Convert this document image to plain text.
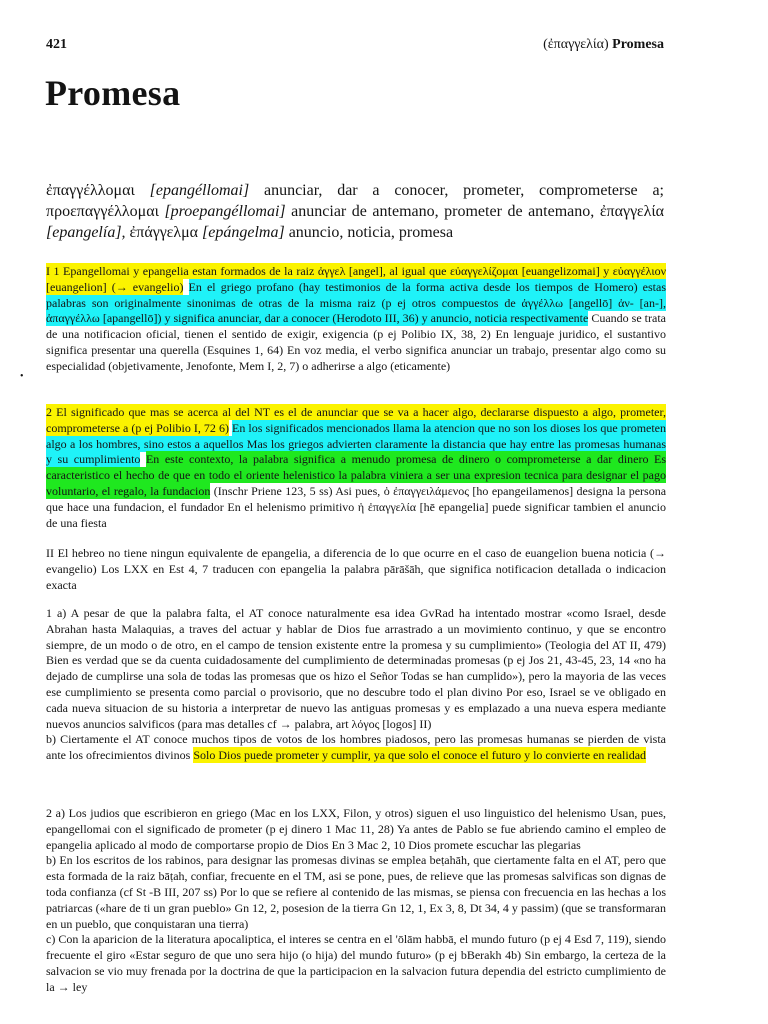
421	(ἐπαγγελία) Promesa
Promesa
ἐπαγγέλλομαι [epangéllomai] anunciar, dar a conocer, prometer, comprometerse a; προεπαγγέλλομαι [proepangéllomai] anunciar de antemano, prometer de antemano, ἐπαγγελία [epangelía], ἐπάγγελμα [epángelma] anuncio, noticia, promesa
I 1 Epangellomai y epangelia estan formados de la raiz ἀγγελ [angel], al igual que εὐαγγελίζομαι [euangelizomai] y εὐαγγέλιον [euangelion] (→ evangelio) En el griego profano (hay testimonios de la forma activa desde los tiempos de Homero) estas palabras son originalmente sinonimas de otras de la misma raiz (p ej otros compuestos de ἀγγέλλω [angellō] ἀν- [an-], ἀπαγγέλλω [apangellō]) y significa anunciar, dar a conocer (Herodoto III, 36) y anuncio, noticia respectivamente Cuando se trata de una notificacion oficial, tienen el sentido de exigir, exigencia (p ej Polibio IX, 38, 2) En lenguaje juridico, el sustantivo significa presentar una querella (Esquines 1, 64) En voz media, el verbo significa anunciar un trabajo, presentar algo como su especialidad (objetivamente, Jenofonte, Mem I, 2, 7) o adherirse a algo (eticamente)
•
2 El significado que mas se acerca al del NT es el de anunciar que se va a hacer algo, declararse dispuesto a algo, prometer, comprometerse a (p ej Polibio I, 72 6) En los significados mencionados llama la atencion que no son los dioses los que prometen algo a los hombres, sino estos a aquellos Mas los griegos advierten claramente la distancia que hay entre las promesas humanas y su cumplimiento En este contexto, la palabra significa a menudo promesa de dinero o comprometerse a dar dinero Es caracteristico el hecho de que en todo el oriente helenistico la palabra viniera a ser una expresion tecnica para designar el pago voluntario, el regalo, la fundacion (Inschr Priene 123, 5 ss) Asi pues, ὁ ἐπαγγειλάμενος [ho epangeilamenos] designa la persona que hace una fundacion, el fundador En el helenismo primitivo ἡ ἐπαγγελία [hē epangelia] puede significar tambien el anuncio de una fiesta
II El hebreo no tiene ningun equivalente de epangelia, a diferencia de lo que ocurre en el caso de euangelion buena noticia (→ evangelio) Los LXX en Est 4, 7 traducen con epangelia la palabra pārāšāh, que significa notificacion detallada o indicacion exacta
1 a) A pesar de que la palabra falta, el AT conoce naturalmente esa idea GvRad ha intentado mostrar «como Israel, desde Abrahan hasta Malaquias, a traves del actuar y hablar de Dios fue arrastrado a un movimiento continuo, y que se encontro siempre, de un modo o de otro, en el campo de tension existente entre la promesa y su cumplimiento» (Teologia del AT II, 479) Bien es verdad que se da cuenta cuidadosamente del cumplimiento de determinadas promesas (p ej Jos 21, 43-45, 23, 14 «no ha dejado de cumplirse una sola de todas las promesas que os hizo el Señor Todas se han cumplido»), pero la mayoria de las veces ese cumplimiento se presenta como parcial o provisorio, que no descubre todo el plan divino Por eso, Israel se ve obligado en cada nueva situacion de su historia a interpretar de nuevo las antiguas promesas y es emplazado a una nueva espera mediante nuevos anuncios salvificos (para mas detalles cf → palabra, art λόγος [logos] II)
b) Ciertamente el AT conoce muchos tipos de votos de los hombres piadosos, pero las promesas humanas se pierden de vista ante los ofrecimientos divinos Solo Dios puede prometer y cumplir, ya que solo el conoce el futuro y lo convierte en realidad
2 a) Los judios que escribieron en griego (Mac en los LXX, Filon, y otros) siguen el uso linguistico del helenismo Usan, pues, epangellomai con el significado de prometer (p ej dinero 1 Mac 11, 28) Ya antes de Pablo se fue abriendo camino el empleo de epangelia aplicado al modo de comportarse propio de Dios En 3 Mac 2, 10 Dios promete escuchar las plegarias
b) En los escritos de los rabinos, para designar las promesas divinas se emplea beṭahāh, que ciertamente falta en el AT, pero que esta formada de la raiz bāṭah, confiar, frecuente en el TM, asi se pone, pues, de relieve que las promesas salvificas son dignas de toda confianza (cf St -B III, 207 ss) Por lo que se refiere al contenido de las mismas, se piensa con frecuencia en las hechas a los patriarcas («hare de ti un gran pueblo» Gn 12, 2, posesion de la tierra Gn 12, 1, Ex 3, 8, Dt 34, 4 y passim) (que se transformaran en un pueblo, que conquistaran una tierra)
c) Con la aparicion de la literatura apocaliptica, el interes se centra en el 'ōlām habbā, el mundo futuro (p ej 4 Esd 7, 119), siendo frecuente el giro «Estar seguro de que uno sera hijo (o hija) del mundo futuro» (p ej bBerakh 4b) Sin embargo, la certeza de la salvacion se vio muy frenada por la doctrina de que la participacion en la salvacion futura dependia del estricto cumplimiento de la → ley
